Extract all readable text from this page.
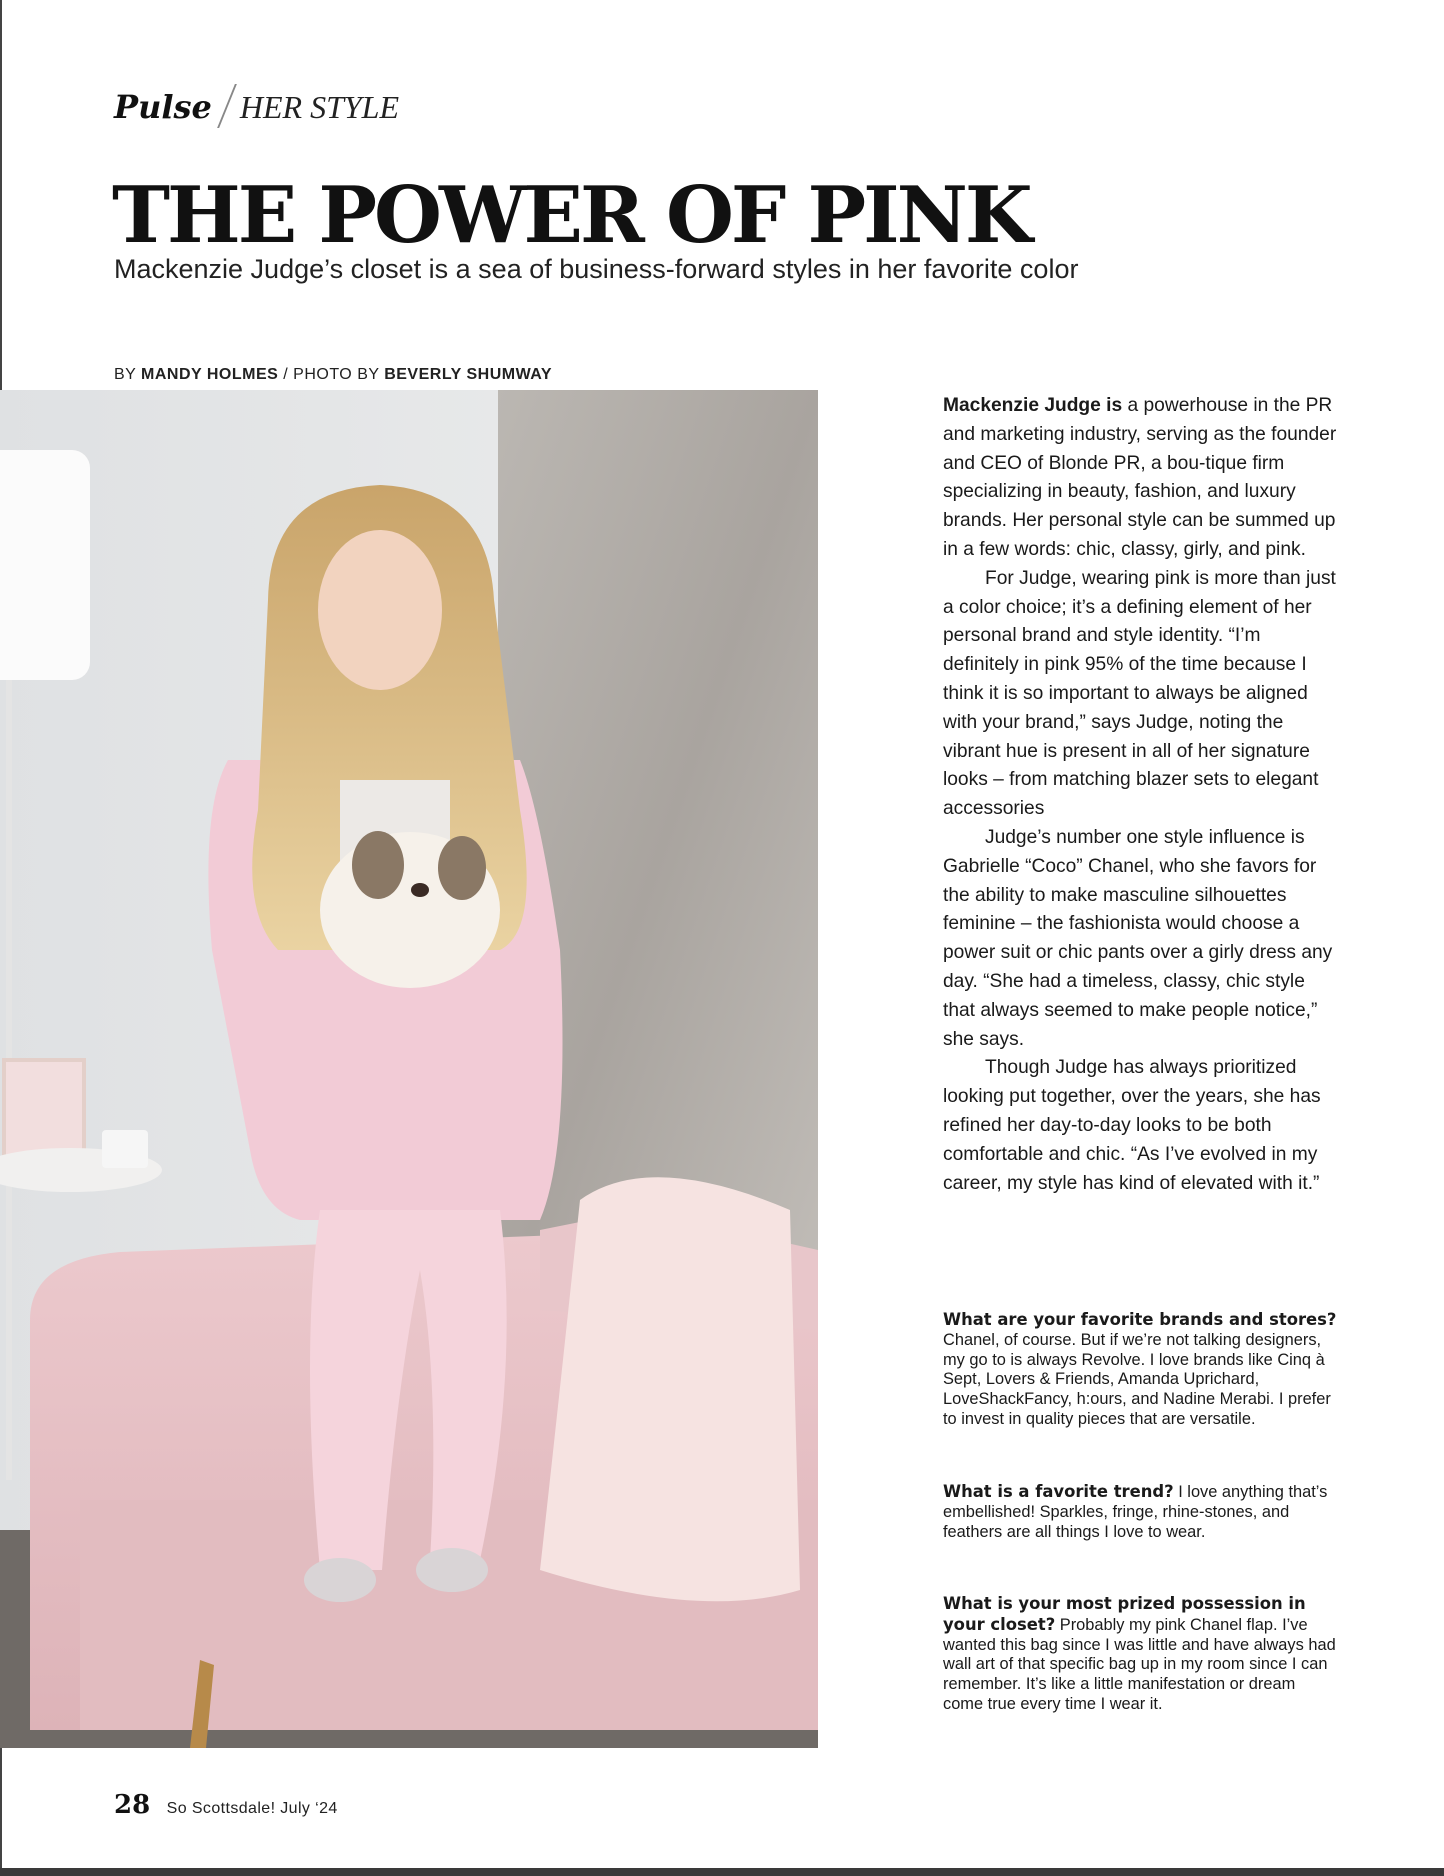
Pulse HER STYLE
THE POWER OF PINK
Mackenzie Judge’s closet is a sea of business-forward styles in her favorite color
BY MANDY HOLMES / PHOTO BY BEVERLY SHUMWAY

Mackenzie Judge is a powerhouse in the PR and marketing industry, serving as the founder and CEO of Blonde PR, a bou-tique firm specializing in beauty, fashion, and luxury brands. Her personal style can be summed up in a few words: chic, classy, girly, and pink.

For Judge, wearing pink is more than just a color choice; it’s a defining element of her personal brand and style identity. “I’m definitely in pink 95% of the time because I think it is so important to always be aligned with your brand,” says Judge, noting the vibrant hue is present in all of her signature looks – from matching blazer sets to elegant accessories

Judge’s number one style influence is Gabrielle “Coco” Chanel, who she favors for the ability to make masculine silhouettes feminine – the fashionista would choose a power suit or chic pants over a girly dress any day. “She had a timeless, classy, chic style that always seemed to make people notice,” she says.

Though Judge has always prioritized looking put together, over the years, she has refined her day-to-day looks to be both comfortable and chic. “As I’ve evolved in my career, my style has kind of elevated with it.”

What are your favorite brands and stores? Chanel, of course. But if we’re not talking designers, my go to is always Revolve. I love brands like Cinq à Sept, Lovers & Friends, Amanda Uprichard, LoveShackFancy, h:ours, and Nadine Merabi. I prefer to invest in quality pieces that are versatile.

What is a favorite trend? I love anything that’s embellished! Sparkles, fringe, rhine-stones, and feathers are all things I love to wear.

What is your most prized possession in your closet? Probably my pink Chanel flap. I’ve wanted this bag since I was little and have always had wall art of that specific bag up in my room since I can remember. It’s like a little manifestation or dream come true every time I wear it.

28 So Scottsdale! July ‘24
